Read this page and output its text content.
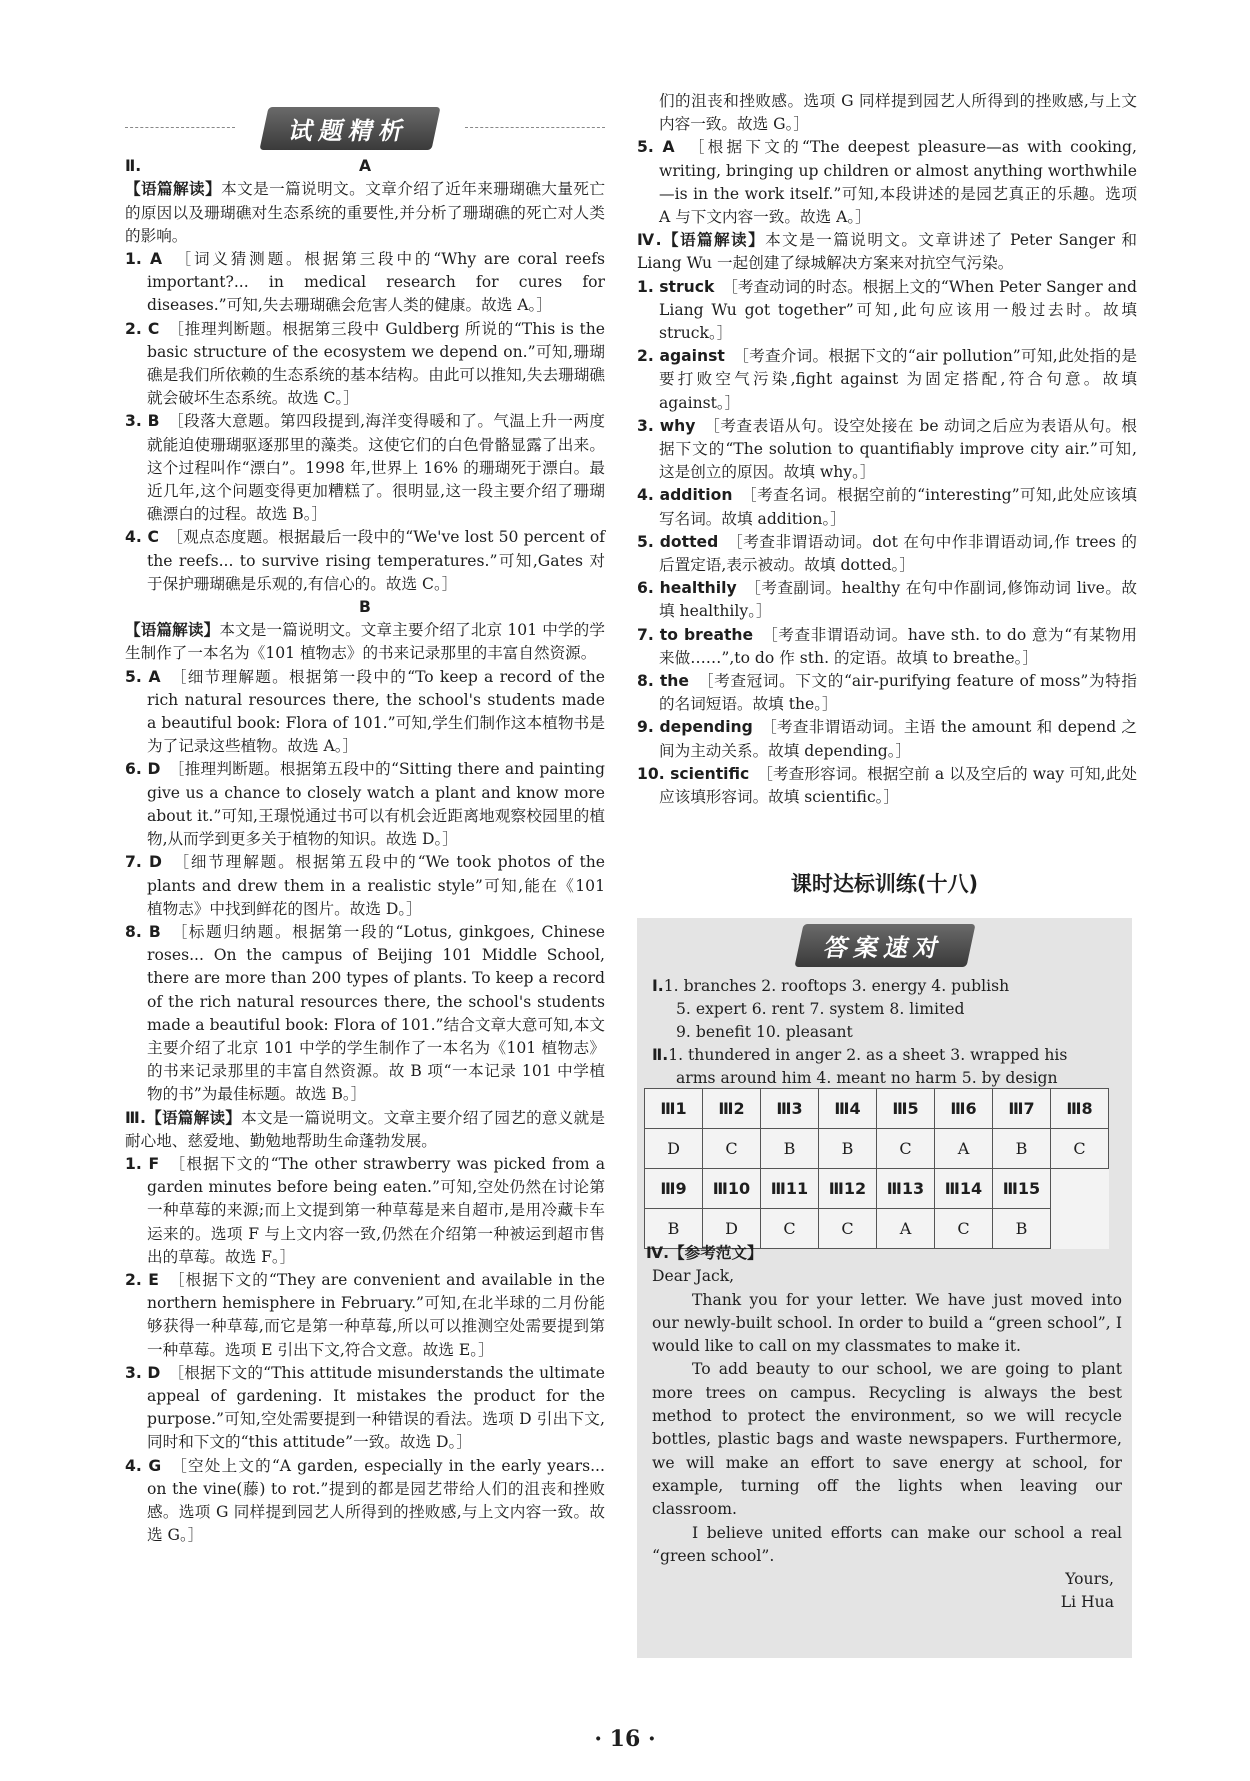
试题精析

Ⅱ.	A

【语篇解读】本文是一篇说明文。文章介绍了近年来珊瑚礁大量死亡的原因以及珊瑚礁对生态系统的重要性,并分析了珊瑚礁的死亡对人类的影响。

1. A　 ［词义猜测题。根据第三段中的“Why are coral reefs important?... in medical research for cures for diseases.”可知,失去珊瑚礁会危害人类的健康。故选 A。］

2. C　 ［推理判断题。根据第三段中 Guldberg 所说的“This is the basic structure of the ecosystem we depend on.”可知,珊瑚礁是我们所依赖的生态系统的基本结构。由此可以推知,失去珊瑚礁就会破坏生态系统。故选 C。］

3. B　 ［段落大意题。第四段提到,海洋变得暖和了。气温上升一两度就能迫使珊瑚驱逐那里的藻类。这使它们的白色骨骼显露了出来。这个过程叫作“漂白”。1998 年,世界上 16% 的珊瑚死于漂白。最近几年,这个问题变得更加糟糕了。很明显,这一段主要介绍了珊瑚礁漂白的过程。故选 B。］

4. C　 ［观点态度题。根据最后一段中的“We've lost 50 percent of the reefs... to survive rising temperatures.”可知,Gates 对于保护珊瑚礁是乐观的,有信心的。故选 C。］

B

【语篇解读】本文是一篇说明文。文章主要介绍了北京 101 中学的学生制作了一本名为《101 植物志》的书来记录那里的丰富自然资源。

5. A　 ［细节理解题。根据第一段中的“To keep a record of the rich natural resources there, the school's students made a beautiful book: Flora of 101.”可知,学生们制作这本植物书是为了记录这些植物。故选 A。］

6. D　 ［推理判断题。根据第五段中的“Sitting there and painting give us a chance to closely watch a plant and know more about it.”可知,王璟悦通过书可以有机会近距离地观察校园里的植物,从而学到更多关于植物的知识。故选 D。］

7. D　 ［细节理解题。根据第五段中的“We took photos of the plants and drew them in a realistic style”可知,能在《101 植物志》中找到鲜花的图片。故选 D。］

8. B　 ［标题归纳题。根据第一段的“Lotus, ginkgoes, Chinese roses... On the campus of Beijing 101 Middle School, there are more than 200 types of plants. To keep a record of the rich natural resources there, the school's students made a beautiful book: Flora of 101.”结合文章大意可知,本文主要介绍了北京 101 中学的学生制作了一本名为《101 植物志》的书来记录那里的丰富自然资源。故 B 项“一本记录 101 中学植物的书”为最佳标题。故选 B。］

Ⅲ.【语篇解读】本文是一篇说明文。文章主要介绍了园艺的意义就是耐心地、慈爱地、勤勉地帮助生命蓬勃发展。

1. F　 ［根据下文的“The other strawberry was picked from a garden minutes before being eaten.”可知,空处仍然在讨论第一种草莓的来源;而上文提到第一种草莓是来自超市,是用冷藏卡车运来的。选项 F 与上文内容一致,仍然在介绍第一种被运到超市售出的草莓。故选 F。］

2. E　 ［根据下文的“They are convenient and available in the northern hemisphere in February.”可知,在北半球的二月份能够获得一种草莓,而它是第一种草莓,所以可以推测空处需要提到第一种草莓。选项 E 引出下文,符合文意。故选 E。］

3. D　 ［根据下文的“This attitude misunderstands the ultimate appeal of gardening. It mistakes the product for the purpose.”可知,空处需要提到一种错误的看法。选项 D 引出下文,同时和下文的“this attitude”一致。故选 D。］

4. G　 ［空处上文的“A garden, especially in the early years... on the vine(藤) to rot.”提到的都是园艺带给人们的沮丧和挫败感。选项 G 同样提到园艺人所得到的挫败感,与上文内容一致。故选 G。］

们的沮丧和挫败感。选项 G 同样提到园艺人所得到的挫败感,与上文内容一致。故选 G。］

5. A　 ［根据下文的“The deepest pleasure—as with cooking, writing, bringing up children or almost anything worthwhile—is in the work itself.”可知,本段讲述的是园艺真正的乐趣。选项 A 与下文内容一致。故选 A。］

Ⅳ.【语篇解读】本文是一篇说明文。文章讲述了 Peter Sanger 和 Liang Wu 一起创建了绿城解决方案来对抗空气污染。

1. struck　 ［考查动词的时态。根据上文的“When Peter Sanger and Liang Wu got together”可知,此句应该用一般过去时。故填 struck。］

2. against　 ［考查介词。根据下文的“air pollution”可知,此处指的是要打败空气污染,fight against 为固定搭配,符合句意。故填 against。］

3. why　 ［考查表语从句。设空处接在 be 动词之后应为表语从句。根据下文的“The solution to quantifiably improve city air.”可知,这是创立的原因。故填 why。］

4. addition　 ［考查名词。根据空前的“interesting”可知,此处应该填写名词。故填 addition。］

5. dotted　 ［考查非谓语动词。dot 在句中作非谓语动词,作 trees 的后置定语,表示被动。故填 dotted。］

6. healthily　 ［考查副词。healthy 在句中作副词,修饰动词 live。故填 healthily。］

7. to breathe　 ［考查非谓语动词。have sth. to do 意为“有某物用来做……”,to do 作 sth. 的定语。故填 to breathe。］

8. the　 ［考查冠词。下文的“air-purifying feature of moss”为特指的名词短语。故填 the。］

9. depending　 ［考查非谓语动词。主语 the amount 和 depend 之间为主动关系。故填 depending。］

10. scientific　 ［考查形容词。根据空前 a 以及空后的 way 可知,此处应该填形容词。故填 scientific。］

课时达标训练(十八)
答案速对

Ⅰ.1. branches 2. rooftops 3. energy 4. publish

5. expert 6. rent 7. system 8. limited

9. benefit 10. pleasant

Ⅱ.1. thundered in anger 2. as a sheet 3. wrapped his

arms around him 4. meant no harm 5. by design

Ⅲ1	Ⅲ2	Ⅲ3	Ⅲ4	Ⅲ5	Ⅲ6	Ⅲ7	Ⅲ8
D	C	B	B	C	A	B	C
Ⅲ9	Ⅲ10	Ⅲ11	Ⅲ12	Ⅲ13	Ⅲ14	Ⅲ15	
B	D	C	C	A	C	B	

Ⅳ.【参考范文】

Dear Jack,

Thank you for your letter. We have just moved into our newly-built school. In order to build a “green school”, I would like to call on my classmates to make it.

To add beauty to our school, we are going to plant more trees on campus. Recycling is always the best method to protect the environment, so we will recycle bottles, plastic bags and waste newspapers. Furthermore, we will make an effort to save energy at school, for example, turning off the lights when leaving our classroom.

I believe united efforts can make our school a real “green school”.

Yours,

Li Hua

· 16 ·
